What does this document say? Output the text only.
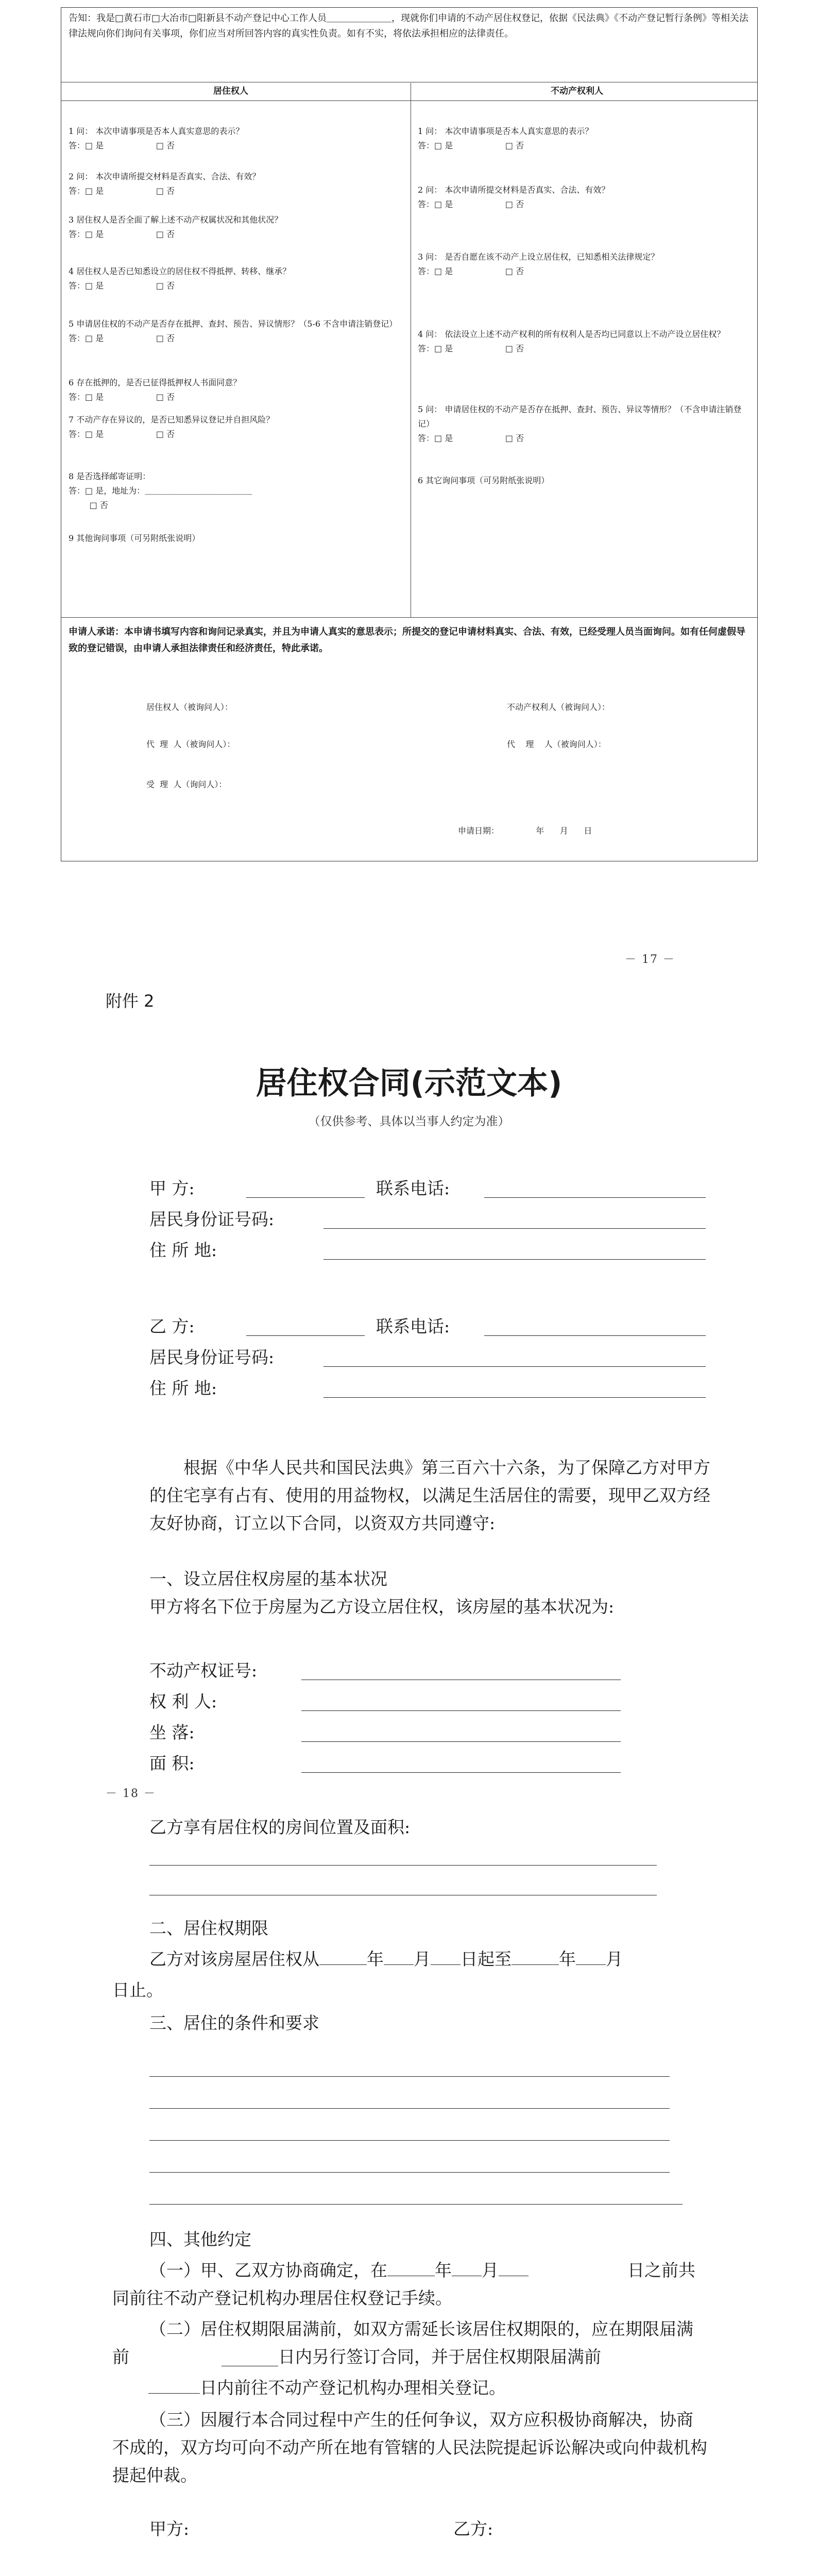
告知：我是□黄石市□大冶市□阳新县不动产登记中心工作人员＿＿＿＿＿＿＿，现就你们申请的不动产居住权登记，依据《民法典》《不动产登记暂行条例》等相关法律法规向你们询问有关事项，你们应当对所回答内容的真实性负责。如有不实，将依法承担相应的法律责任。
居住权人	不动产权利人
1 问： 本次申请事项是否本人真实意思的表示？
答：□ 是                    □ 否
2 问： 本次申请所提交材料是否真实、合法、有效？
答：□ 是                    □ 否
3 居住权人是否全面了解上述不动产权属状况和其他状况？
答：□ 是                    □ 否
4 居住权人是否已知悉设立的居住权不得抵押、转移、继承？
答：□ 是                    □ 否
5 申请居住权的不动产是否存在抵押、查封、预告、异议情形？（5-6 不含申请注销登记）
答：□ 是                    □ 否
6 存在抵押的，是否已征得抵押权人书面同意？
答：□ 是                    □ 否
7 不动产存在异议的，是否已知悉异议登记并自担风险？
答：□ 是                    □ 否
8 是否选择邮寄证明：
答：□ 是，地址为：＿＿＿＿＿＿＿＿＿＿＿＿＿
□ 否
9 其他询问事项（可另附纸张说明）
1 问： 本次申请事项是否本人真实意思的表示？
答：□ 是                    □ 否
2 问： 本次申请所提交材料是否真实、合法、有效？
答：□ 是                    □ 否
3 问： 是否自愿在该不动产上设立居住权，已知悉相关法律规定？
答：□ 是                    □ 否
4 问： 依法设立上述不动产权利的所有权利人是否均已同意以上不动产设立居住权？
答：□ 是                    □ 否
5 问： 申请居住权的不动产是否存在抵押、查封、预告、异议等情形？（不含申请注销登记）
答：□ 是                    □ 否
6 其它询问事项（可另附纸张说明）
申请人承诺：本申请书填写内容和询问记录真实，并且为申请人真实的意思表示；所提交的登记申请材料真实、合法、有效，已经受理人员当面询问。如有任何虚假导致的登记错误，由申请人承担法律责任和经济责任，特此承诺。
居住权人（被询问人）：	不动产权利人（被询问人）：
代  理  人（被询问人）：	代    理    人（被询问人）：
受  理  人（询问人）：
申请日期：              年      月      日
－ 17 －
附件 2
居住权合同(示范文本)
（仅供参考、具体以当事人约定为准）
甲 方:	联系电话:
居民身份证号码:
住 所 地:
乙 方:	联系电话:
居民身份证号码:
住 所 地:
根据《中华人民共和国民法典》第三百六十六条，为了保障乙方对甲方的住宅享有占有、使用的用益物权，以满足生活居住的需要，现甲乙双方经友好协商，订立以下合同，以资双方共同遵守:
一、设立居住权房屋的基本状况
甲方将名下位于房屋为乙方设立居住权，该房屋的基本状况为:
不动产权证号:
权 利 人:
坐 落:
面 积:
－ 18 －
乙方享有居住权的房间位置及面积:
二、居住权期限
乙方对该房屋居住权从	年 月 日起至	年 月
日止。
三、居住的条件和要求
四、其他约定
（一）甲、乙双方协商确定，在	年 月	日之前共同前往不动产登记机构办理居住权登记手续。
（二）居住权期限届满前，如双方需延长该居住权期限的，应在期限届满前	日内另行签订合同，并于居住权期限届满前
日内前往不动产登记机构办理相关登记。
（三）因履行本合同过程中产生的任何争议，双方应积极协商解决，协商不成的，双方均可向不动产所在地有管辖的人民法院提起诉讼解决或向仲裁机构提起仲裁。
甲方:	乙方:
